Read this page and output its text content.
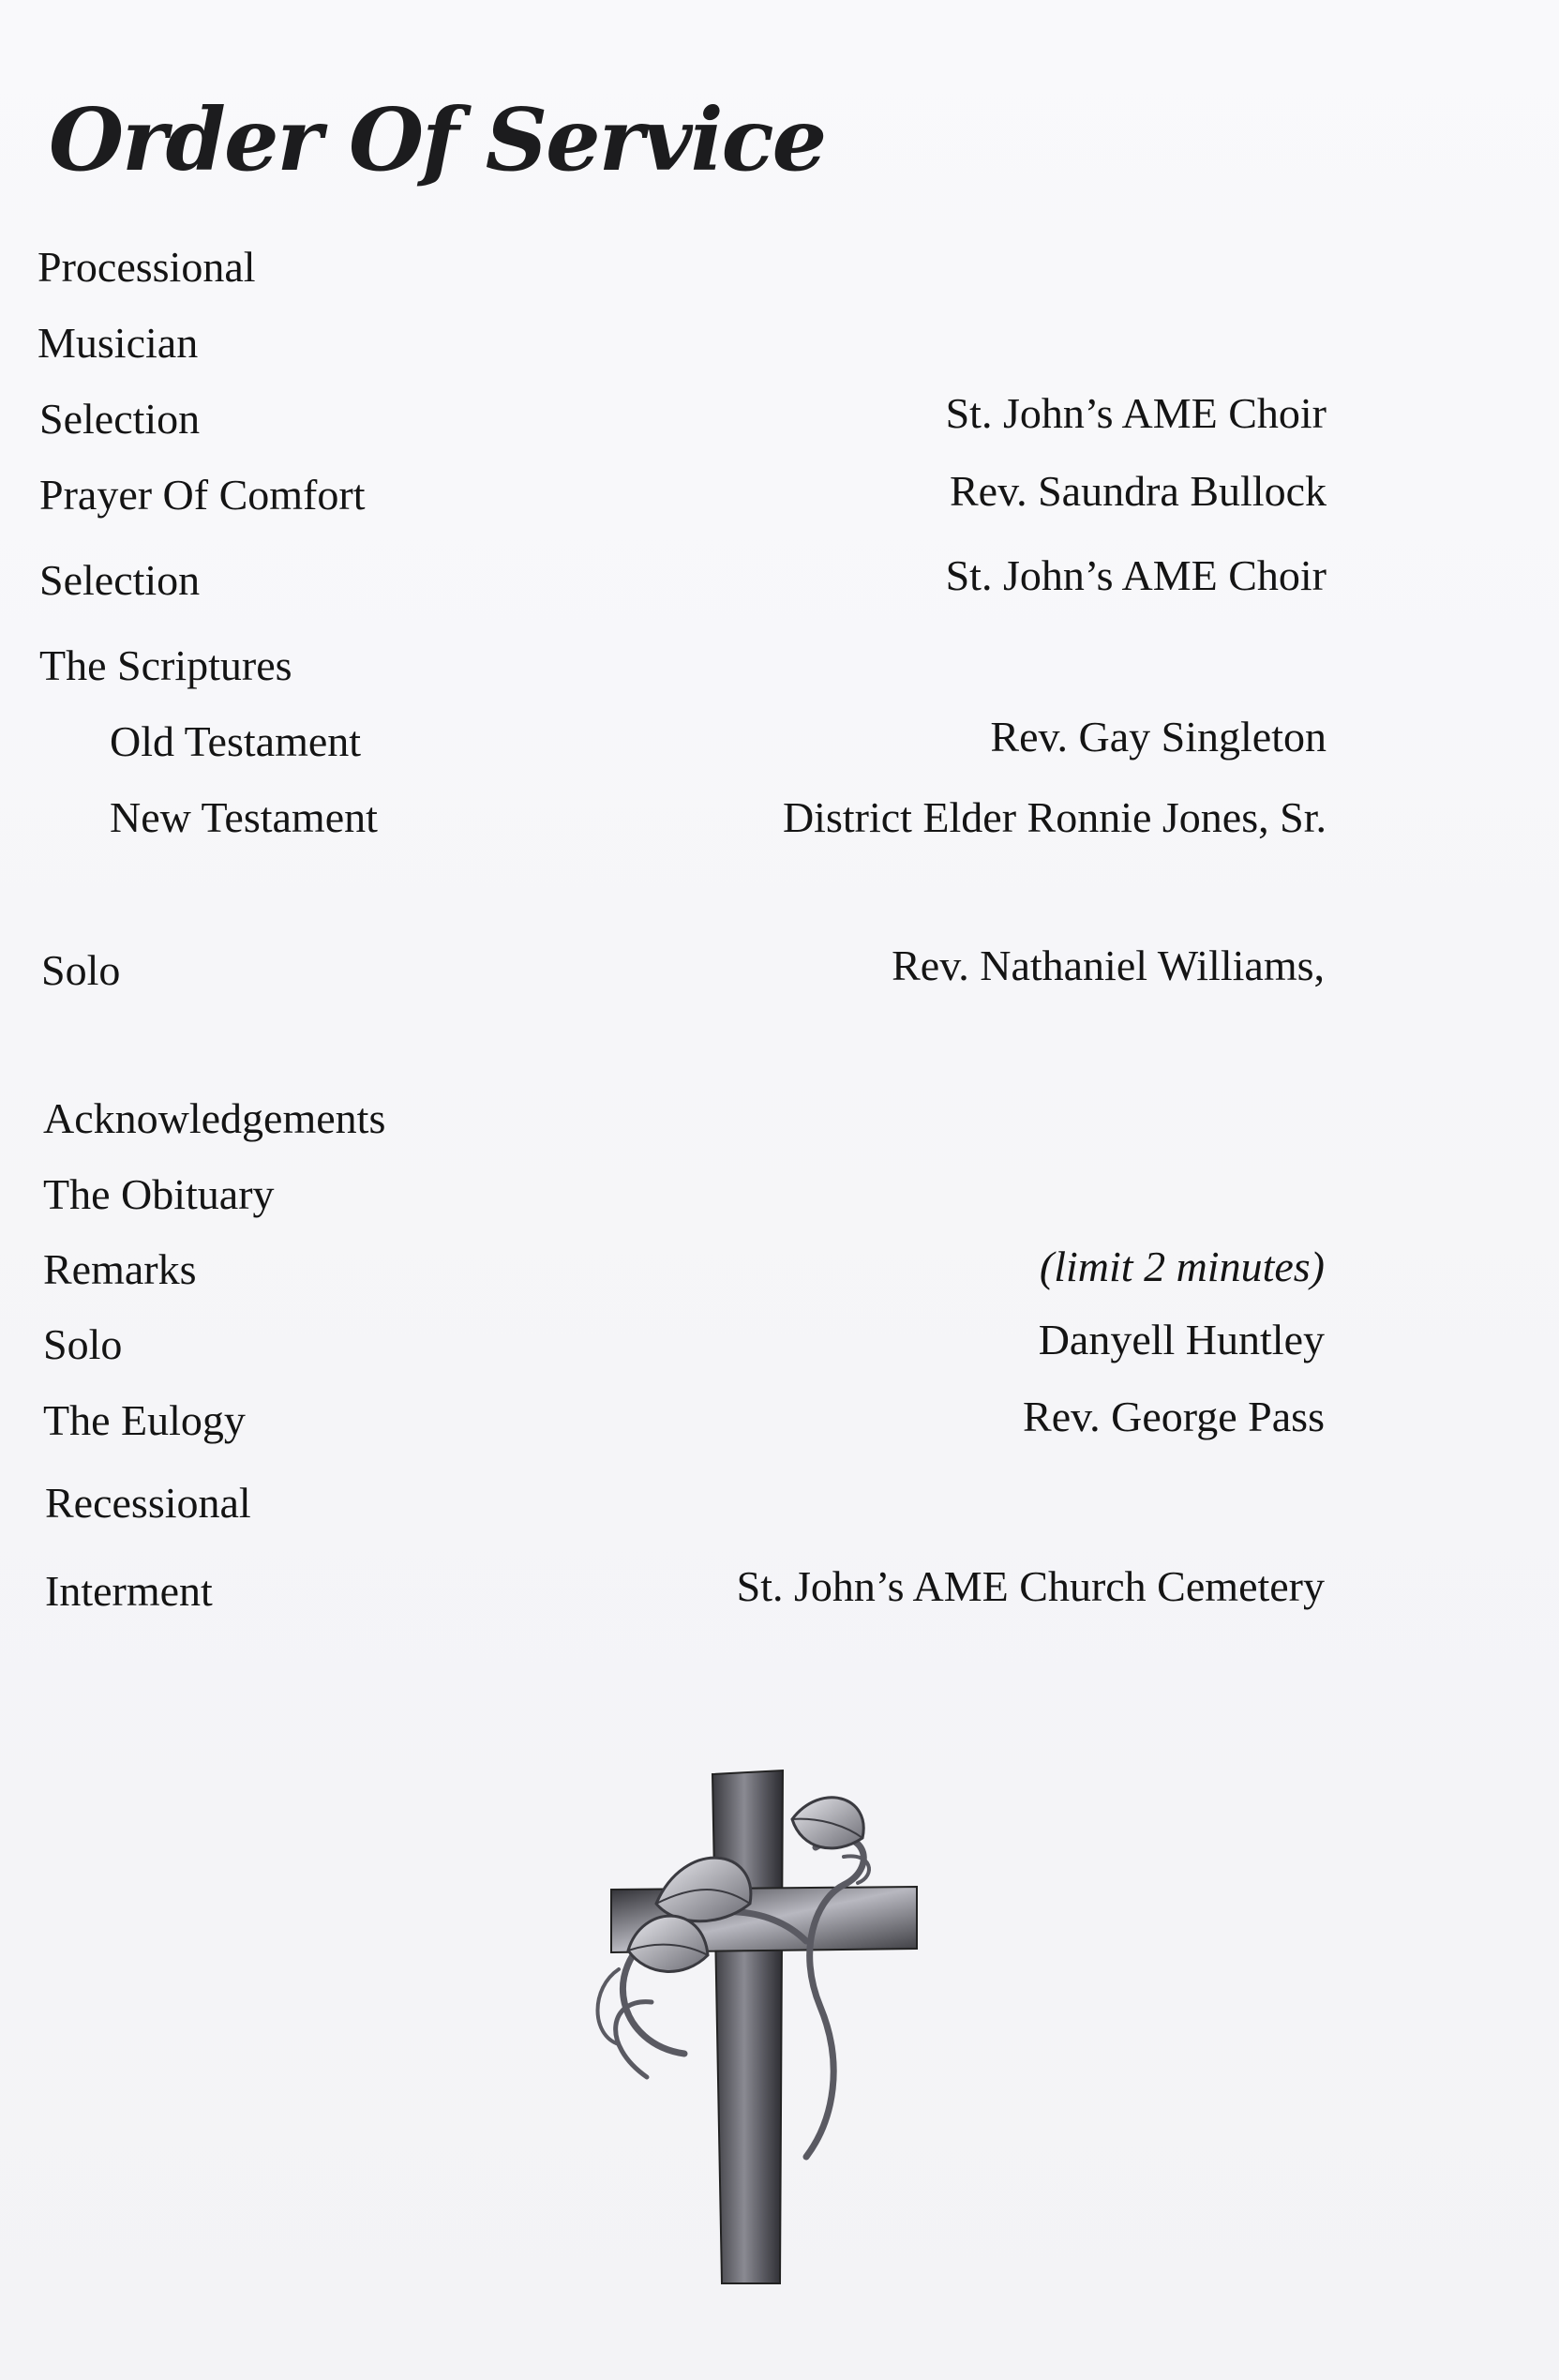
Order Of Service
Processional
Musician
Selection	St. John’s AME Choir
Prayer Of Comfort	Rev. Saundra Bullock
Selection	St. John’s AME Choir
The Scriptures
Old Testament	Rev. Gay Singleton
New Testament	District Elder Ronnie Jones, Sr.
Solo	Rev. Nathaniel Williams,
Acknowledgements
The Obituary
Remarks	(limit 2 minutes)
Solo	Danyell Huntley
The Eulogy	Rev. George Pass
Recessional
Interment	St. John’s AME Church Cemetery
